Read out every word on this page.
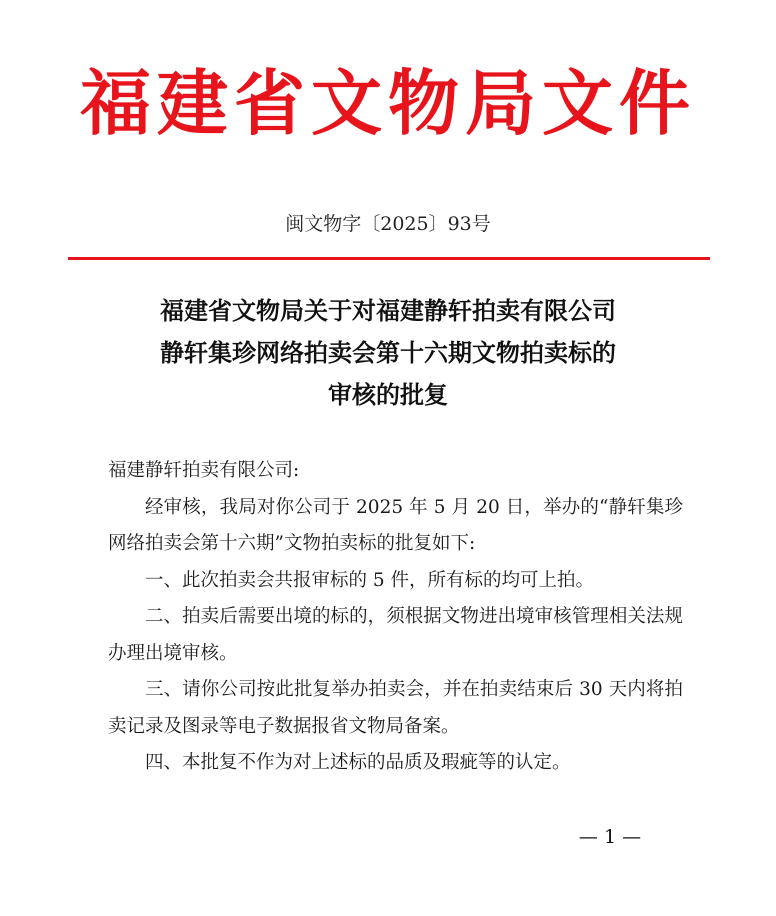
福建省文物局文件
闽文物字〔2025〕93号
福建省文物局关于对福建静轩拍卖有限公司
静轩集珍网络拍卖会第十六期文物拍卖标的
审核的批复

福建静轩拍卖有限公司:

经审核，我局对你公司于 2025 年 5 月 20 日，举办的“静轩集珍网络拍卖会第十六期”文物拍卖标的批复如下:

一、此次拍卖会共报审标的 5 件，所有标的均可上拍。

二、拍卖后需要出境的标的，须根据文物进出境审核管理相关法规办理出境审核。

三、请你公司按此批复举办拍卖会，并在拍卖结束后 30 天内将拍卖记录及图录等电子数据报省文物局备案。

四、本批复不作为对上述标的品质及瑕疵等的认定。

— 1 —
